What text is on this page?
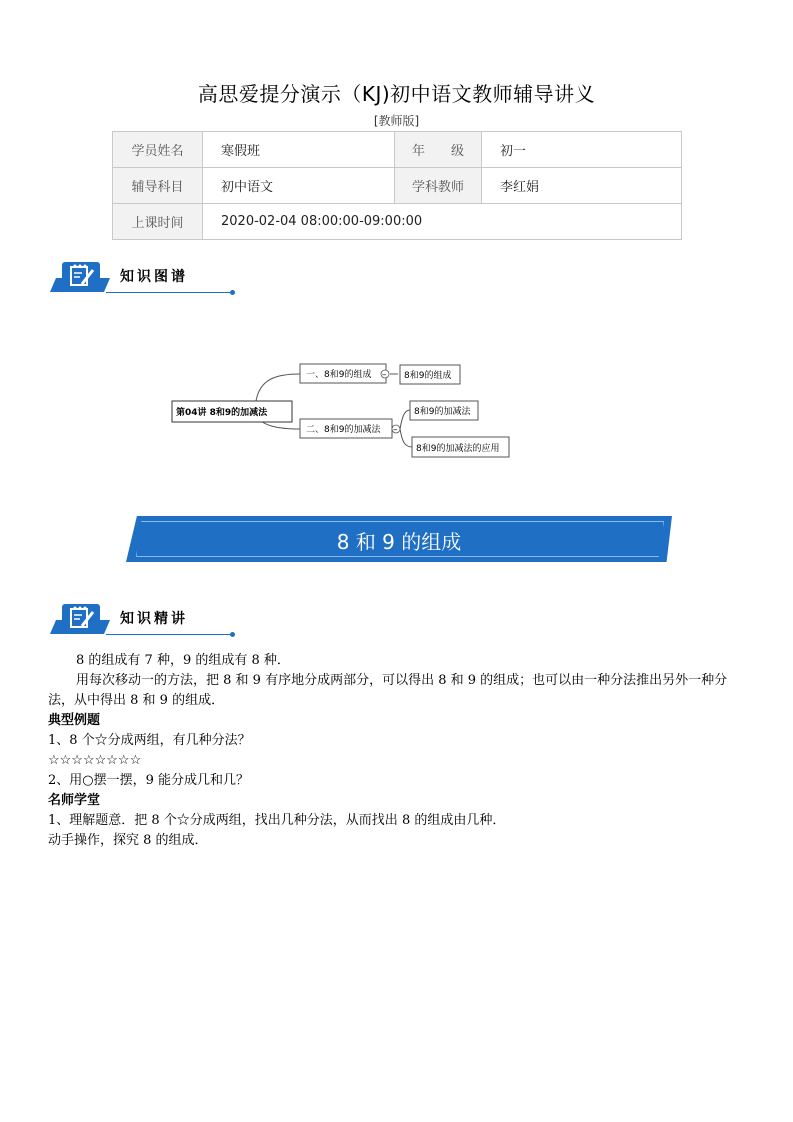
高思爱提分演示（KJ)初中语文教师辅导讲义
[教师版]
学员姓名	寒假班	年　　级	初一
辅导科目	初中语文	学科教师	李红娟
上课时间	2020-02-04 08:00:00-09:00:00		
知识图谱
第04讲 8和9的加减法
一、8和9的组成	8和9的组成
二、8和9的加减法
8和9的加减法
8和9的加减法的应用
–
–
8 和 9 的组成
知识精讲

8 的组成有 7 种，9 的组成有 8 种．

用每次移动一的方法，把 8 和 9 有序地分成两部分，可以得出 8 和 9 的组成；也可以由一种分法推出另外一种分法，从中得出 8 和 9 的组成．

典型例题

1、8 个☆分成两组，有几种分法？

☆☆☆☆☆☆☆☆

2、用○摆一摆，9 能分成几和几？

名师学堂

1、理解题意．把 8 个☆分成两组，找出几种分法，从而找出 8 的组成由几种．

动手操作，探究 8 的组成．
